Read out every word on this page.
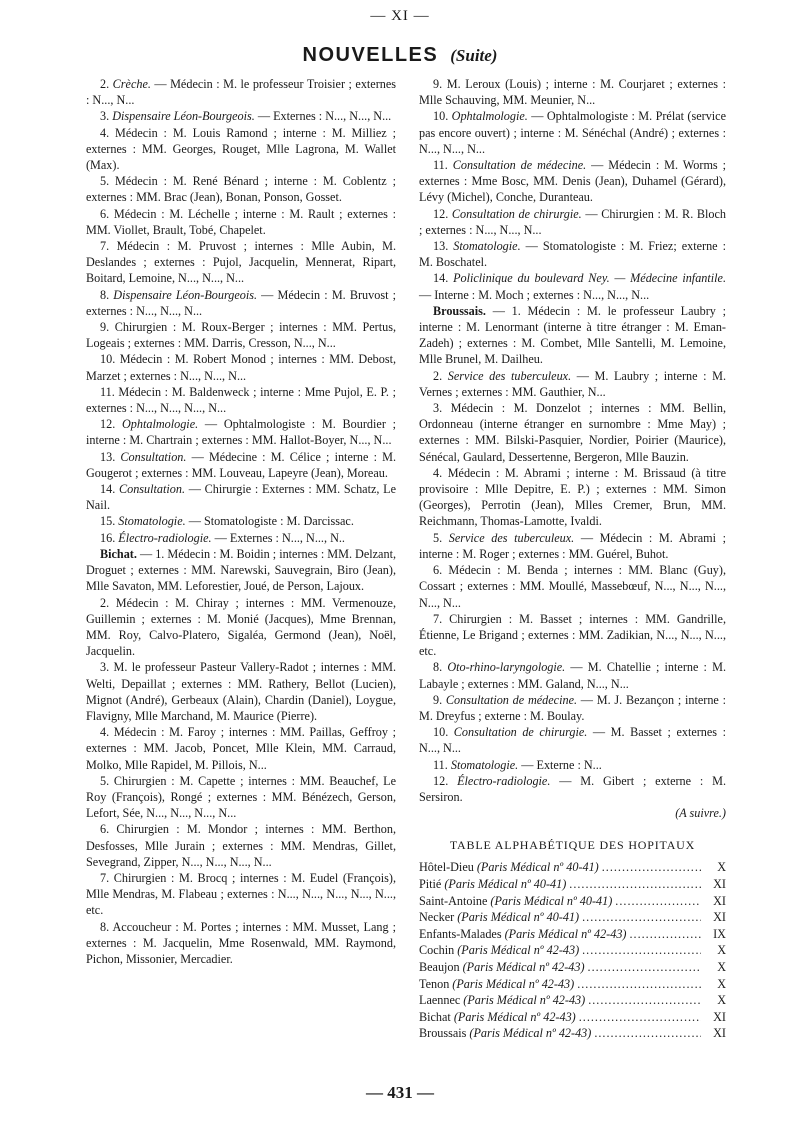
— XI —
NOUVELLES (Suite)

2. Crèche. — Médecin : M. le professeur Troisier ; externes : N..., N...

3. Dispensaire Léon-Bourgeois. — Externes : N..., N..., N...

4. Médecin : M. Louis Ramond ; interne : M. Milliez ; externes : MM. Georges, Rouget, Mlle Lagrona, M. Wallet (Max).

5. Médecin : M. René Bénard ; interne : M. Coblentz ; externes : MM. Brac (Jean), Bonan, Ponson, Gosset.

6. Médecin : M. Léchelle ; interne : M. Rault ; externes : MM. Viollet, Brault, Tobé, Chapelet.

7. Médecin : M. Pruvost ; internes : Mlle Aubin, M. Deslandes ; externes : Pujol, Jacquelin, Mennerat, Ripart, Boitard, Lemoine, N..., N..., N...

8. Dispensaire Léon-Bourgeois. — Médecin : M. Bruvost ; externes : N..., N..., N...

9. Chirurgien : M. Roux-Berger ; internes : MM. Pertus, Logeais ; externes : MM. Darris, Cresson, N..., N...

10. Médecin : M. Robert Monod ; internes : MM. Debost, Marzet ; externes : N..., N..., N...

11. Médecin : M. Baldenweck ; interne : Mme Pujol, E. P. ; externes : N..., N..., N..., N...

12. Ophtalmologie. — Ophtalmologiste : M. Bourdier ; interne : M. Chartrain ; externes : MM. Hallot-Boyer, N..., N...

13. Consultation. — Médecine : M. Célice ; interne : M. Gougerot ; externes : MM. Louveau, Lapeyre (Jean), Moreau.

14. Consultation. — Chirurgie : Externes : MM. Schatz, Le Nail.

15. Stomatologie. — Stomatologiste : M. Darcissac.

16. Électro-radiologie. — Externes : N..., N..., N..

Bichat. — 1. Médecin : M. Boidin ; internes : MM. Delzant, Droguet ; externes : MM. Narewski, Sauvegrain, Biro (Jean), Mlle Savaton, MM. Leforestier, Joué, de Person, Lajoux.

2. Médecin : M. Chiray ; internes : MM. Vermenouze, Guillemin ; externes : M. Monié (Jacques), Mme Brennan, MM. Roy, Calvo-Platero, Sigaléa, Germond (Jean), Noël, Jacquelin.

3. M. le professeur Pasteur Vallery-Radot ; internes : MM. Welti, Depaillat ; externes : MM. Rathery, Bellot (Lucien), Mignot (André), Gerbeaux (Alain), Chardin (Daniel), Loygue, Flavigny, Mlle Marchand, M. Maurice (Pierre).

4. Médecin : M. Faroy ; internes : MM. Paillas, Geffroy ; externes : MM. Jacob, Poncet, Mlle Klein, MM. Carraud, Molko, Mlle Rapidel, M. Pillois, N...

5. Chirurgien : M. Capette ; internes : MM. Beauchef, Le Roy (François), Rongé ; externes : MM. Bénézech, Gerson, Lefort, Sée, N..., N..., N..., N...

6. Chirurgien : M. Mondor ; internes : MM. Berthon, Desfosses, Mlle Jurain ; externes : MM. Mendras, Gillet, Sevegrand, Zipper, N..., N..., N..., N...

7. Chirurgien : M. Brocq ; internes : M. Eudel (François), Mlle Mendras, M. Flabeau ; externes : N..., N..., N..., N..., N..., etc.

8. Accoucheur : M. Portes ; internes : MM. Musset, Lang ; externes : M. Jacquelin, Mme Rosenwald, MM. Raymond, Pichon, Missonier, Mercadier.

9. M. Leroux (Louis) ; interne : M. Courjaret ; externes : Mlle Schauving, MM. Meunier, N...

10. Ophtalmologie. — Ophtalmologiste : M. Prélat (service pas encore ouvert) ; interne : M. Sénéchal (André) ; externes : N..., N..., N...

11. Consultation de médecine. — Médecin : M. Worms ; externes : Mme Bosc, MM. Denis (Jean), Duhamel (Gérard), Lévy (Michel), Conche, Duranteau.

12. Consultation de chirurgie. — Chirurgien : M. R. Bloch ; externes : N..., N..., N...

13. Stomatologie. — Stomatologiste : M. Friez; externe : M. Boschatel.

14. Policlinique du boulevard Ney. — Médecine infantile. — Interne : M. Moch ; externes : N..., N..., N...

Broussais. — 1. Médecin : M. le professeur Laubry ; interne : M. Lenormant (interne à titre étranger : M. Eman-Zadeh) ; externes : M. Combet, Mlle Santelli, M. Lemoine, Mlle Brunel, M. Dailheu.

2. Service des tuberculeux. — M. Laubry ; interne : M. Vernes ; externes : MM. Gauthier, N...

3. Médecin : M. Donzelot ; internes : MM. Bellin, Ordonneau (interne étranger en surnombre : Mme May) ; externes : MM. Bilski-Pasquier, Nordier, Poirier (Maurice), Sénécal, Gaulard, Dessertenne, Bergeron, Mlle Bauzin.

4. Médecin : M. Abrami ; interne : M. Brissaud (à titre provisoire : Mlle Depitre, E. P.) ; externes : MM. Simon (Georges), Perrotin (Jean), Mlles Cremer, Brun, MM. Reichmann, Thomas-Lamotte, Ivaldi.

5. Service des tuberculeux. — Médecin : M. Abrami ; interne : M. Roger ; externes : MM. Guérel, Buhot.

6. Médecin : M. Benda ; internes : MM. Blanc (Guy), Cossart ; externes : MM. Moullé, Massebœuf, N..., N..., N..., N..., N...

7. Chirurgien : M. Basset ; internes : MM. Gandrille, Étienne, Le Brigand ; externes : MM. Zadikian, N..., N..., N..., etc.

8. Oto-rhino-laryngologie. — M. Chatellie ; interne : M. Labayle ; externes : MM. Galand, N..., N...

9. Consultation de médecine. — M. J. Bezançon ; interne : M. Dreyfus ; externe : M. Boulay.

10. Consultation de chirurgie. — M. Basset ; externes : N..., N...

11. Stomatologie. — Externe : N...

12. Électro-radiologie. — M. Gibert ; externe : M. Sersiron.

(A suivre.)
TABLE ALPHABÉTIQUE DES HOPITAUX
Hôtel-Dieu (Paris Médical nº 40-41) .....	X
Pitié (Paris Médical nº 40-41) .....	XI
Saint-Antoine (Paris Médical nº 40-41) .....	XI
Necker (Paris Médical nº 40-41) .....	XI
Enfants-Malades (Paris Médical nº 42-43) .....	IX
Cochin (Paris Médical nº 42-43) .....	X
Beaujon (Paris Médical nº 42-43) .....	X
Tenon (Paris Médical nº 42-43) .....	X
Laennec (Paris Médical nº 42-43) .....	X
Bichat (Paris Médical nº 42-43) .....	XI
Broussais (Paris Médical nº 42-43) .....	XI
— 431 —
